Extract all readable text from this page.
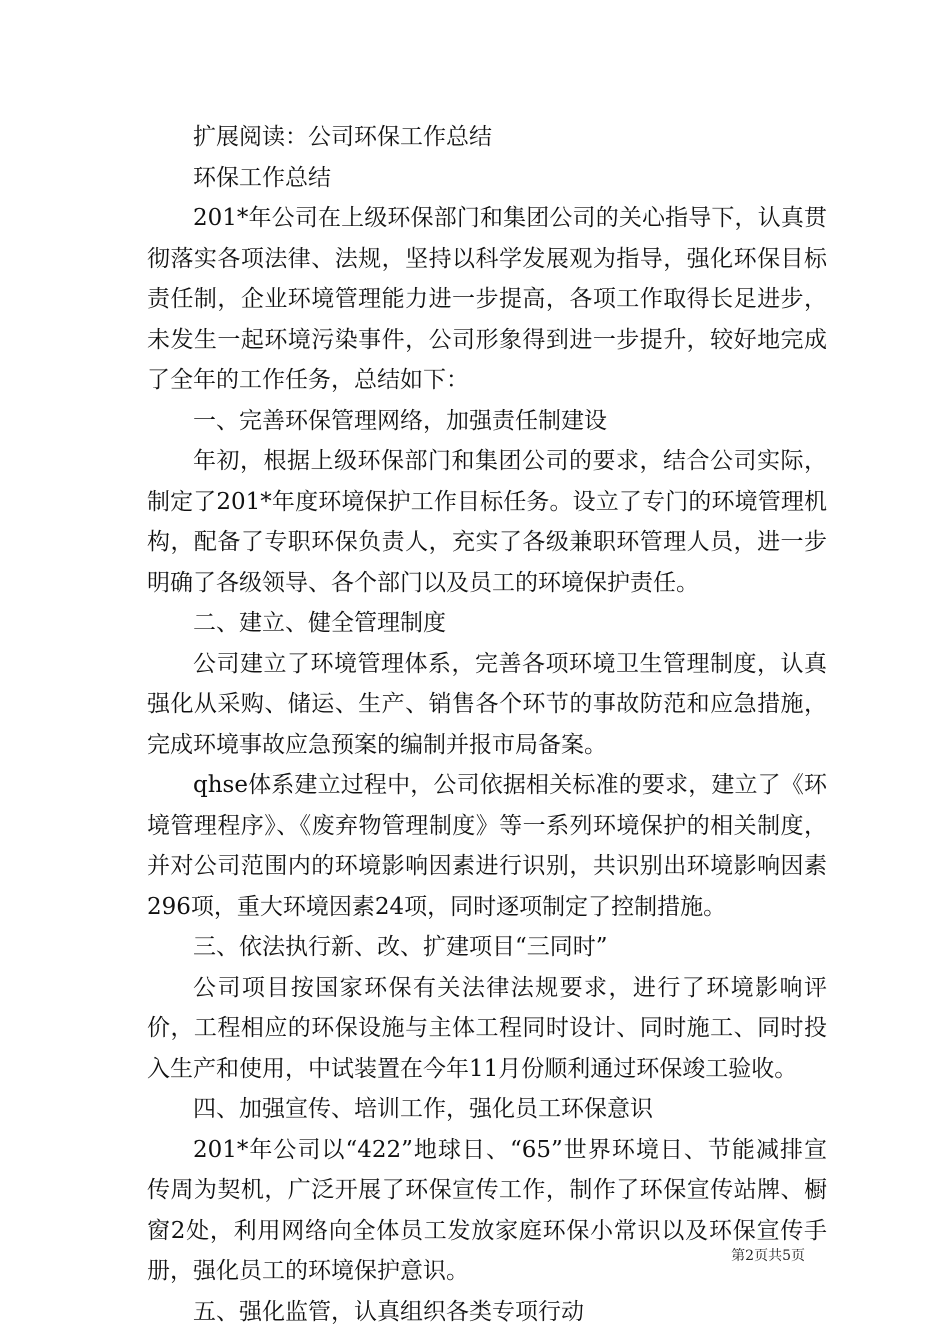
扩展阅读：公司环保工作总结

环保工作总结

201*年公司在上级环保部门和集团公司的关心指导下，认真贯彻落实各项法律、法规，坚持以科学发展观为指导，强化环保目标责任制，企业环境管理能力进一步提高，各项工作取得长足进步，未发生一起环境污染事件，公司形象得到进一步提升，较好地完成了全年的工作任务，总结如下：

一、完善环保管理网络，加强责任制建设

年初，根据上级环保部门和集团公司的要求，结合公司实际，制定了201*年度环境保护工作目标任务。设立了专门的环境管理机构，配备了专职环保负责人，充实了各级兼职环管理人员，进一步明确了各级领导、各个部门以及员工的环境保护责任。

二、建立、健全管理制度

公司建立了环境管理体系，完善各项环境卫生管理制度，认真强化从采购、储运、生产、销售各个环节的事故防范和应急措施，完成环境事故应急预案的编制并报市局备案。

qhse体系建立过程中，公司依据相关标准的要求，建立了《环境管理程序》、《废弃物管理制度》等一系列环境保护的相关制度，并对公司范围内的环境影响因素进行识别，共识别出环境影响因素296项，重大环境因素24项，同时逐项制定了控制措施。

三、依法执行新、改、扩建项目“三同时”

公司项目按国家环保有关法律法规要求，进行了环境影响评价，工程相应的环保设施与主体工程同时设计、同时施工、同时投入生产和使用，中试装置在今年11月份顺利通过环保竣工验收。

四、加强宣传、培训工作，强化员工环保意识

201*年公司以“422”地球日、“65”世界环境日、节能减排宣传周为契机，广泛开展了环保宣传工作，制作了环保宣传站牌、橱窗2处，利用网络向全体员工发放家庭环保小常识以及环保宣传手册，强化员工的环境保护意识。

五、强化监管，认真组织各类专项行动

第2页共5页
